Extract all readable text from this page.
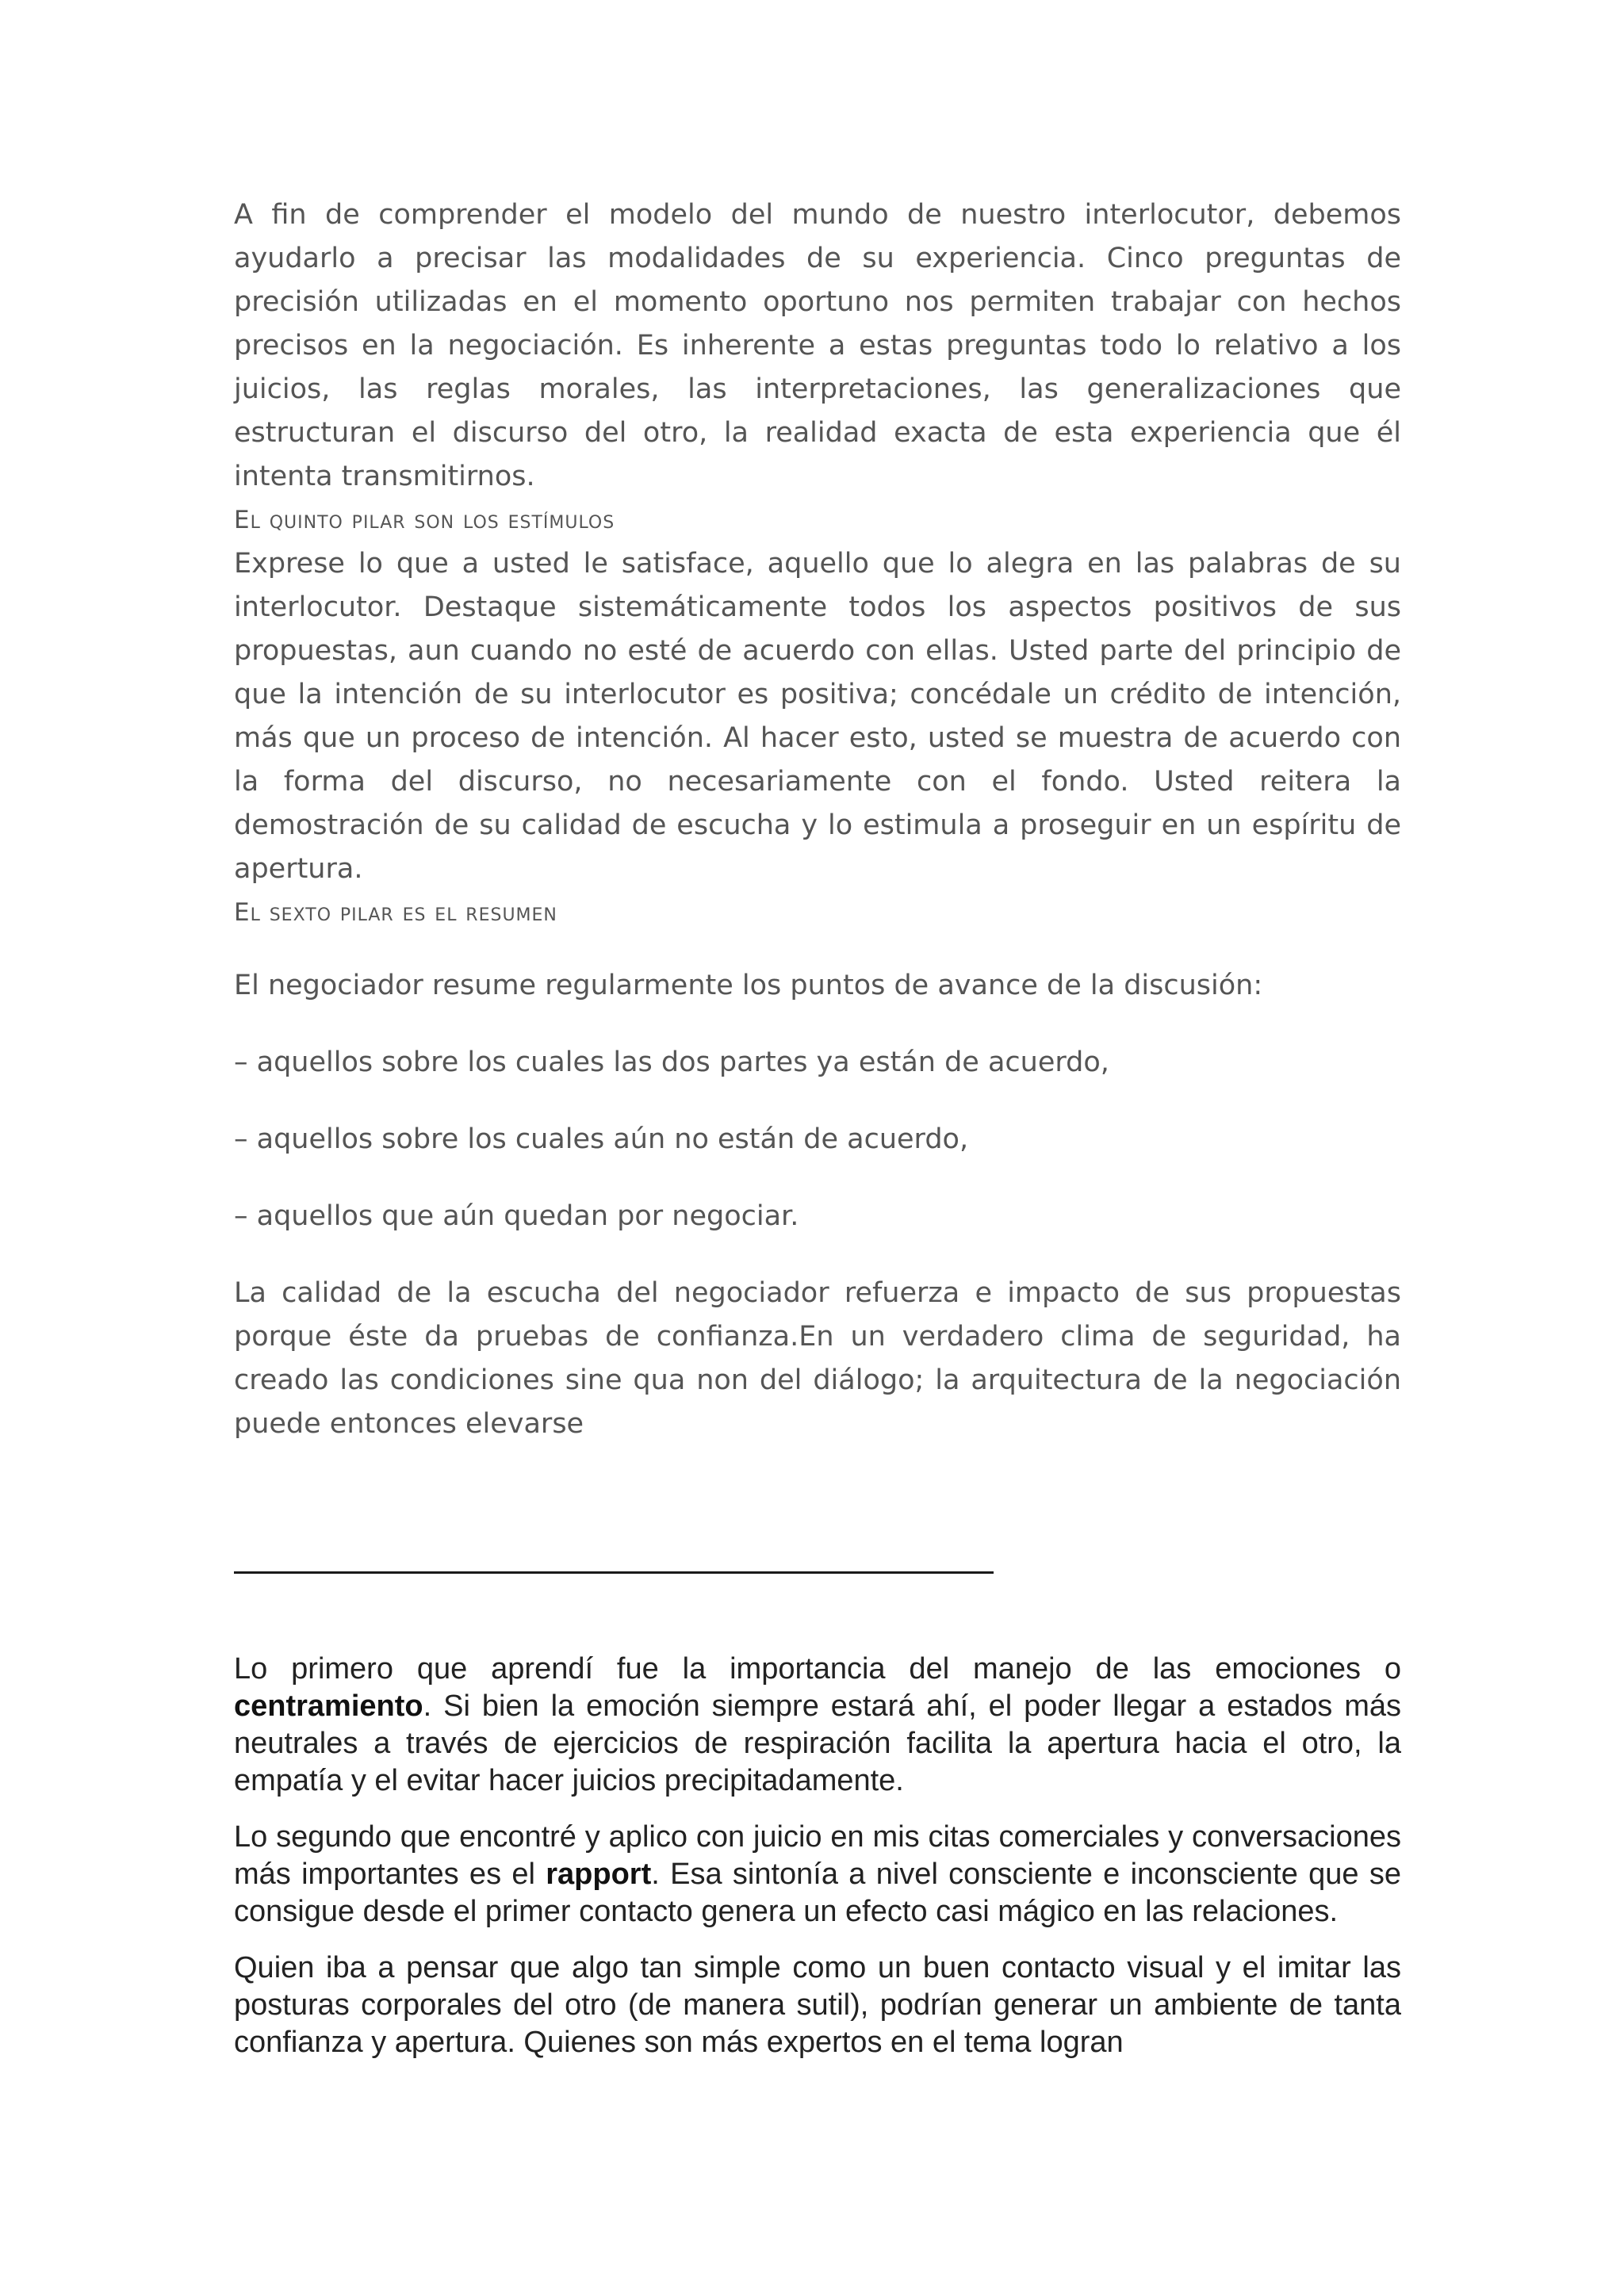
A fin de comprender el modelo del mundo de nuestro interlocutor, debemos ayudarlo a precisar las modalidades de su experiencia. Cinco preguntas de precisión utilizadas en el momento oportuno nos permiten trabajar con hechos precisos en la negociación. Es inherente a estas preguntas todo lo relativo a los juicios, las reglas morales, las interpretaciones, las generalizaciones que estructuran el discurso del otro, la realidad exacta de esta experiencia que él intenta transmitirnos.

El quinto pilar son los estímulos

Exprese lo que a usted le satisface, aquello que lo alegra en las palabras de su interlocutor. Destaque sistemáticamente todos los aspectos positivos de sus propuestas, aun cuando no esté de acuerdo con ellas. Usted parte del principio de que la intención de su interlocutor es positiva; concédale un crédito de intención, más que un proceso de intención. Al hacer esto, usted se muestra de acuerdo con la forma del discurso, no necesariamente con el fondo. Usted reitera la demostración de su calidad de escucha y lo estimula a proseguir en un espíritu de apertura.

El sexto pilar es el resumen

El negociador resume regularmente los puntos de avance de la discusión:

– aquellos sobre los cuales las dos partes ya están de acuerdo,

– aquellos sobre los cuales aún no están de acuerdo,

– aquellos que aún quedan por negociar.

La calidad de la escucha del negociador refuerza e impacto de sus propuestas porque éste da pruebas de confianza.En un verdadero clima de seguridad, ha creado las condiciones sine qua non del diálogo; la arquitectura de la negociación puede entonces elevarse

Lo primero que aprendí fue la importancia del manejo de las emociones o centramiento. Si bien la emoción siempre estará ahí, el poder llegar a estados más neutrales a través de ejercicios de respiración facilita la apertura hacia el otro, la empatía y el evitar hacer juicios precipitadamente.

Lo segundo que encontré y aplico con juicio en mis citas comerciales y conversaciones más importantes es el rapport. Esa sintonía a nivel consciente e inconsciente que se consigue desde el primer contacto genera un efecto casi mágico en las relaciones.

Quien iba a pensar que algo tan simple como un buen contacto visual y el imitar las posturas corporales del otro (de manera sutil), podrían generar un ambiente de tanta confianza y apertura. Quienes son más expertos en el tema logran
